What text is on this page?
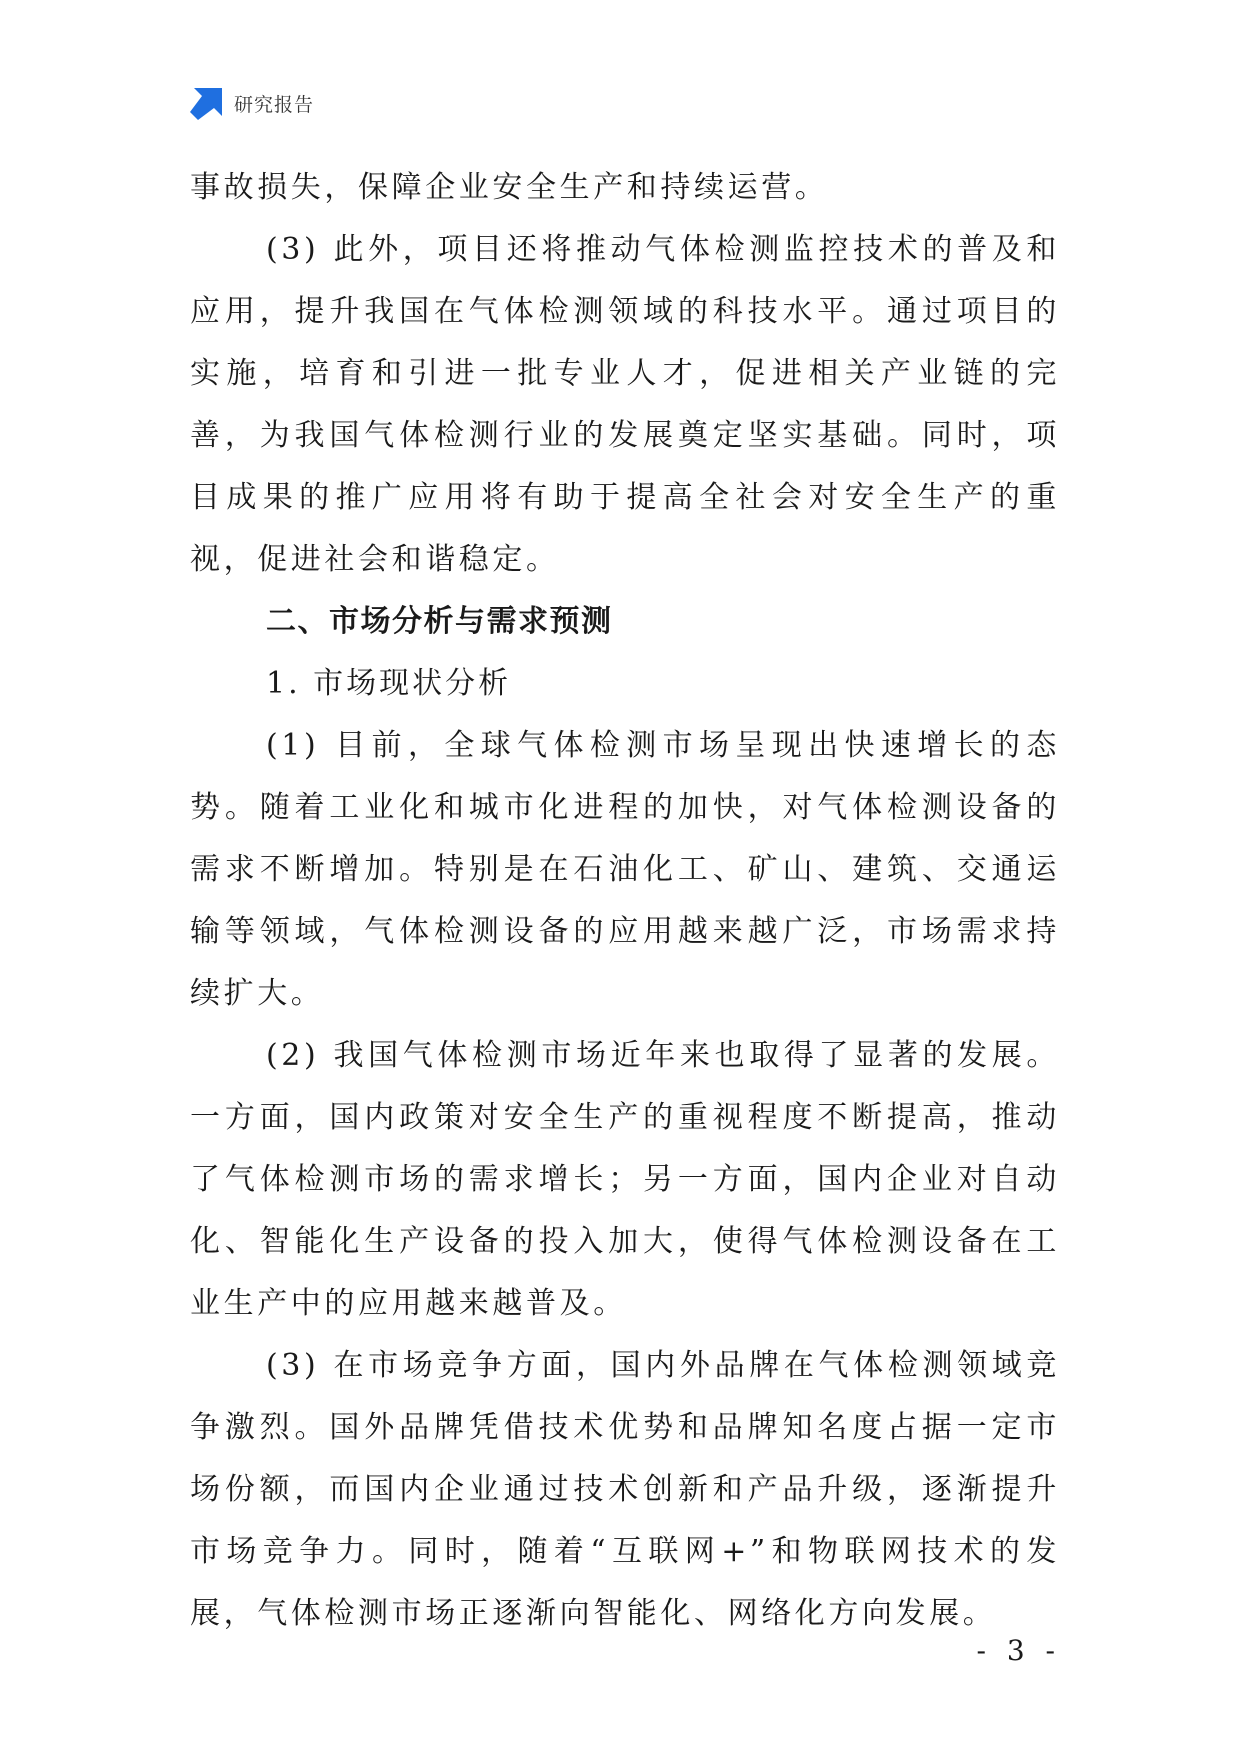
研究报告

事故损失，保障企业安全生产和持续运营。

(3) 此外，项目还将推动气体检测监控技术的普及和应用，提升我国在气体检测领域的科技水平。通过项目的实施，培育和引进一批专业人才，促进相关产业链的完善，为我国气体检测行业的发展奠定坚实基础。同时，项目成果的推广应用将有助于提高全社会对安全生产的重视，促进社会和谐稳定。

二、市场分析与需求预测

1. 市场现状分析

(1) 目前，全球气体检测市场呈现出快速增长的态势。随着工业化和城市化进程的加快，对气体检测设备的需求不断增加。特别是在石油化工、矿山、建筑、交通运输等领域，气体检测设备的应用越来越广泛，市场需求持续扩大。

(2) 我国气体检测市场近年来也取得了显著的发展。一方面，国内政策对安全生产的重视程度不断提高，推动了气体检测市场的需求增长；另一方面，国内企业对自动化、智能化生产设备的投入加大，使得气体检测设备在工业生产中的应用越来越普及。

(3) 在市场竞争方面，国内外品牌在气体检测领域竞争激烈。国外品牌凭借技术优势和品牌知名度占据一定市场份额，而国内企业通过技术创新和产品升级，逐渐提升市场竞争力。同时，随着“互联网+”和物联网技术的发展，气体检测市场正逐渐向智能化、网络化方向发展。

- 3 -
